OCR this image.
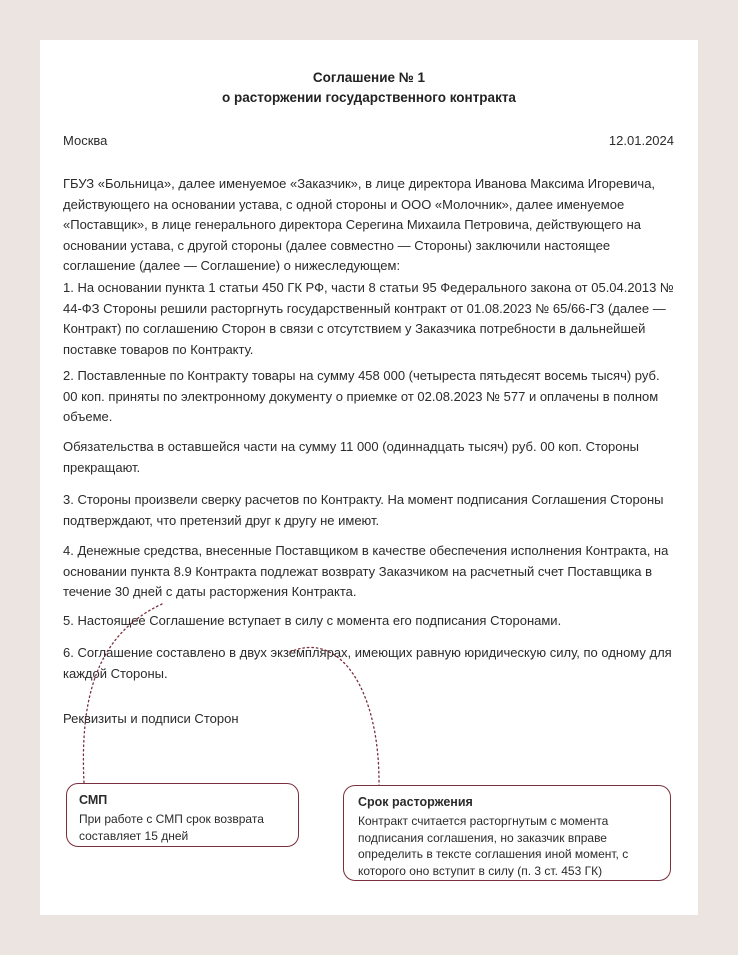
Соглашение № 1
о расторжении государственного контракта
Москва	12.01.2024
ГБУЗ «Больница», далее именуемое «Заказчик», в лице директора Иванова Максима Игоревича, действующего на основании устава, с одной стороны и ООО «Молочник», далее именуемое «Поставщик», в лице генерального директора Серегина Михаила Петровича, действующего на основании устава, с другой стороны (далее совместно — Стороны) заключили настоящее соглашение (далее — Соглашение) о нижеследующем:
1. На основании пункта 1 статьи 450 ГК РФ, части 8 статьи 95 Федерального закона от 05.04.2013 № 44-ФЗ Стороны решили расторгнуть государственный контракт от 01.08.2023 № 65/66-ГЗ (далее — Контракт) по соглашению Сторон в связи с отсутствием у Заказчика потребности в дальнейшей поставке товаров по Контракту.
2. Поставленные по Контракту товары на сумму 458 000 (четыреста пятьдесят восемь тысяч) руб. 00 коп. приняты по электронному документу о приемке от 02.08.2023 № 577 и оплачены в полном объеме.
Обязательства в оставшейся части на сумму 11 000 (одиннадцать тысяч) руб. 00 коп. Стороны прекращают.
3. Стороны произвели сверку расчетов по Контракту. На момент подписания Соглашения Стороны подтверждают, что претензий друг к другу не имеют.
4. Денежные средства, внесенные Поставщиком в качестве обеспечения исполнения Контракта, на основании пункта 8.9 Контракта подлежат возврату Заказчиком на расчетный счет Поставщика в течение 30 дней с даты расторжения Контракта.
5. Настоящее Соглашение вступает в силу с момента его подписания Сторонами.
6. Соглашение составлено в двух экземплярах, имеющих равную юридическую силу, по одному для каждой Стороны.
Реквизиты и подписи Сторон
СМП
При работе с СМП срок возврата составляет 15 дней
Срок расторжения
Контракт считается расторгнутым с момента подписания соглашения, но заказчик вправе определить в тексте соглашения иной момент, с которого оно вступит в силу (п. 3 ст. 453 ГК)
